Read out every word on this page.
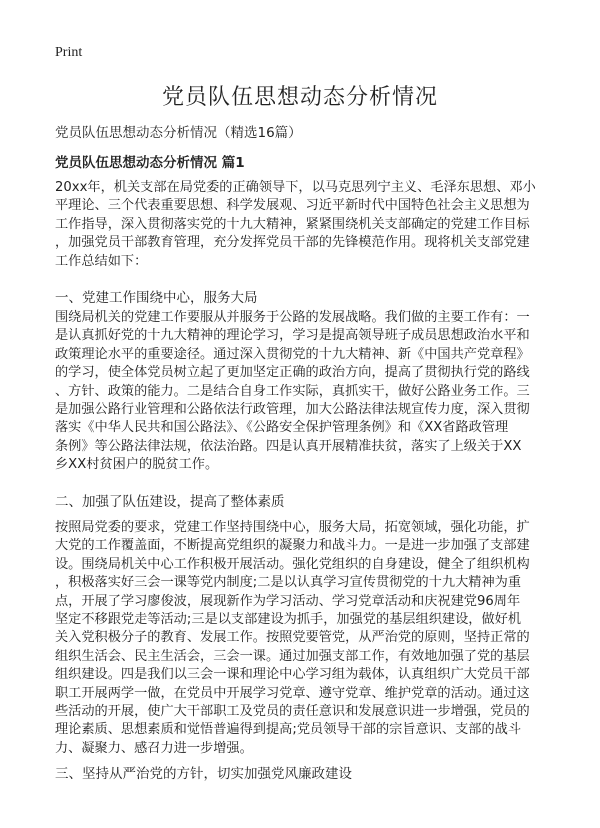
Print
党员队伍思想动态分析情况
党员队伍思想动态分析情况（精选16篇）
党员队伍思想动态分析情况 篇1
20xx年，机关支部在局党委的正确领导下，以马克思列宁主义、毛泽东思想、邓小
平理论、三个代表重要思想、科学发展观、习近平新时代中国特色社会主义思想为
工作指导，深入贯彻落实党的十九大精神，紧紧围绕机关支部确定的党建工作目标
，加强党员干部教育管理，充分发挥党员干部的先锋模范作用。现将机关支部党建
工作总结如下：
一、党建工作围绕中心，服务大局
围绕局机关的党建工作要服从并服务于公路的发展战略。我们做的主要工作有：一
是认真抓好党的十九大精神的理论学习，学习是提高领导班子成员思想政治水平和
政策理论水平的重要途径。通过深入贯彻党的十九大精神、新《中国共产党章程》
的学习，使全体党员树立起了更加坚定正确的政治方向，提高了贯彻执行党的路线
、方针、政策的能力。二是结合自身工作实际，真抓实干，做好公路业务工作。三
是加强公路行业管理和公路依法行政管理，加大公路法律法规宣传力度，深入贯彻
落实《中华人民共和国公路法》、《公路安全保护管理条例》和《XX省路政管理
条例》等公路法律法规，依法治路。四是认真开展精准扶贫，落实了上级关于XX
乡XX村贫困户的脱贫工作。
二、加强了队伍建设，提高了整体素质
按照局党委的要求，党建工作坚持围绕中心，服务大局，拓宽领域，强化功能，扩
大党的工作覆盖面，不断提高党组织的凝聚力和战斗力。一是进一步加强了支部建
设。围绕局机关中心工作积极开展活动。强化党组织的自身建设，健全了组织机构
，积极落实好三会一课等党内制度;二是以认真学习宣传贯彻党的十九大精神为重
点，开展了学习廖俊波，展现新作为学习活动、学习党章活动和庆祝建党96周年
坚定不移跟党走等活动;三是以支部建设为抓手，加强党的基层组织建设，做好机
关入党积极分子的教育、发展工作。按照党要管党，从严治党的原则，坚持正常的
组织生活会、民主生活会，三会一课。通过加强支部工作，有效地加强了党的基层
组织建设。四是我们以三会一课和理论中心学习组为载体，认真组织广大党员干部
职工开展两学一做，在党员中开展学习党章、遵守党章、维护党章的活动。通过这
些活动的开展，使广大干部职工及党员的责任意识和发展意识进一步增强，党员的
理论素质、思想素质和觉悟普遍得到提高;党员领导干部的宗旨意识、支部的战斗
力、凝聚力、感召力进一步增强。
三、坚持从严治党的方针，切实加强党风廉政建设
